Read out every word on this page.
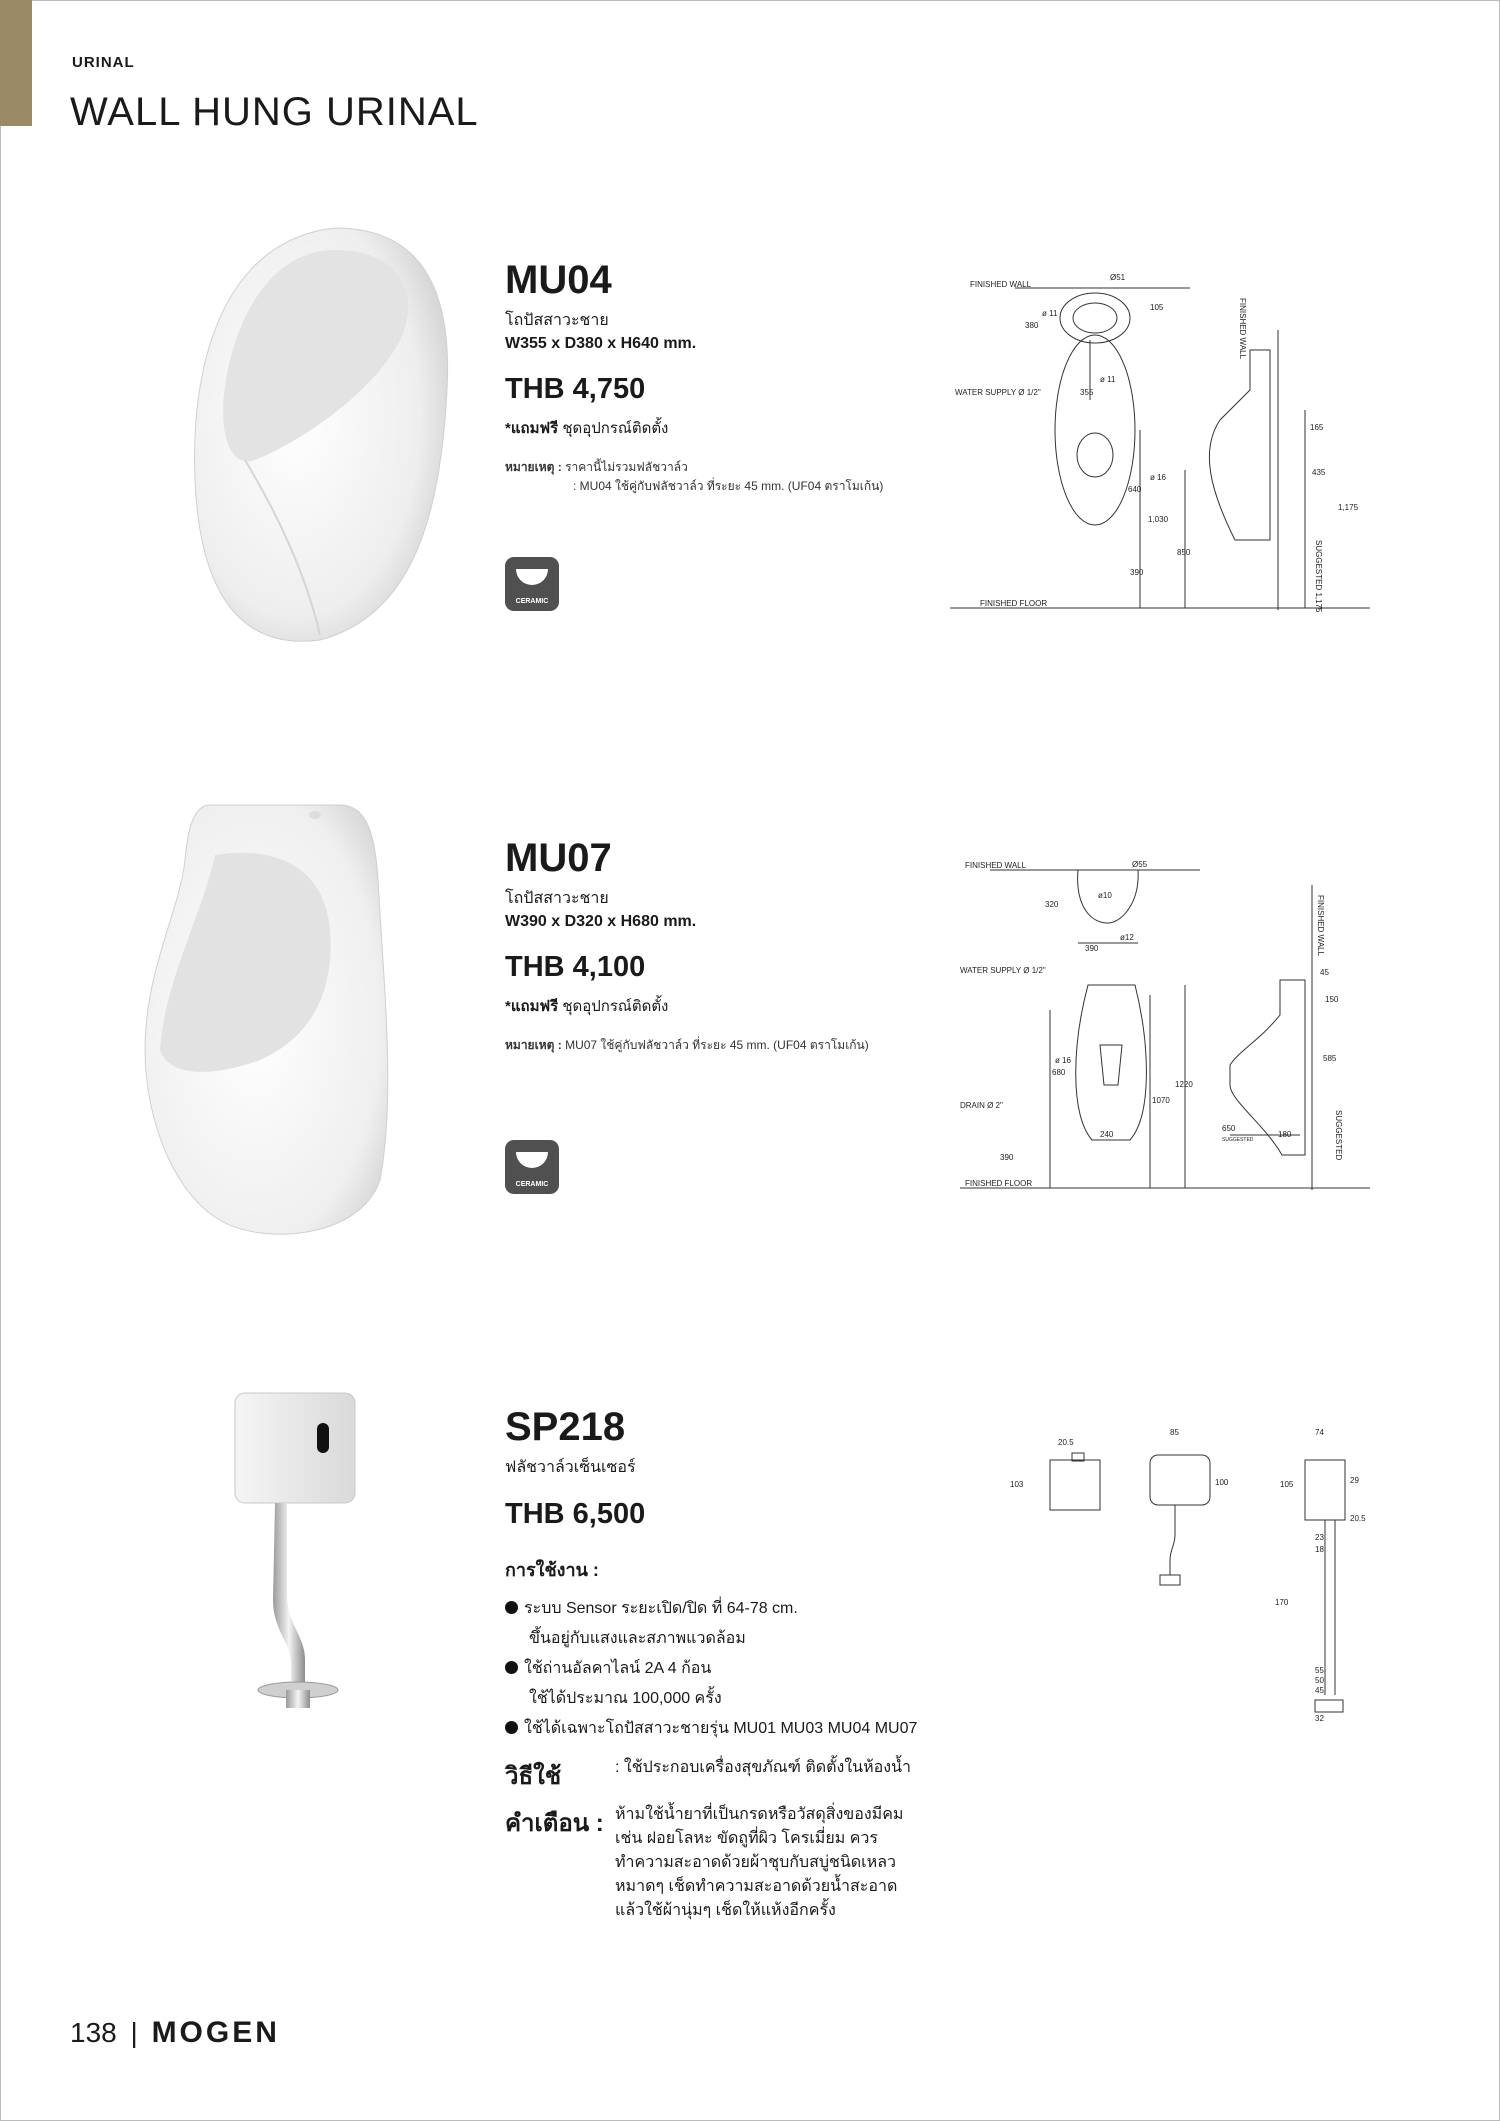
URINAL
WALL HUNG URINAL
MU04
โถปัสสาวะชาย
W355 x D380 x H640 mm.
THB 4,750
*แถมฟรี ชุดอุปกรณ์ติดตั้ง
หมายเหตุ : ราคานี้ไม่รวมฟลัชวาล์ว
: MU04 ใช้คู่กับฟลัชวาล์ว ที่ระยะ 45 mm. (UF04 ตราโมเก้น)
CERAMIC
FINISHED WALL
Ø51
ø 11
105
380
WATER SUPPLY Ø 1/2"
ø 11
355
FINISHED WALL
165
ø 16
640
435
1,175
1,030
850
390
FINISHED FLOOR	SUGGESTED 1,175
MU07
โถปัสสาวะชาย
W390 x D320 x H680 mm.
THB 4,100
*แถมฟรี ชุดอุปกรณ์ติดตั้ง
หมายเหตุ : MU07 ใช้คู่กับฟลัชวาล์ว ที่ระยะ 45 mm. (UF04 ตราโมเก้น)
CERAMIC
FINISHED WALL	Ø55
ø10
320
390
ø12
WATER SUPPLY Ø 1/2"
FINISHED WALL
45
150
ø 16
680
1220
1070
585
DRAIN Ø 2"
240
650
SUGGESTED
180
390
FINISHED FLOOR
SUGGESTED
SP218
ฟลัชวาล์วเซ็นเซอร์
THB 6,500
การใช้งาน :
ระบบ Sensor ระยะเปิด/ปิด ที่ 64-78 cm.
ขึ้นอยู่กับแสงและสภาพแวดล้อม
ใช้ถ่านอัลคาไลน์ 2A 4 ก้อน
ใช้ได้ประมาณ 100,000 ครั้ง
ใช้ได้เฉพาะโถปัสสาวะชายรุ่น MU01 MU03 MU04 MU07
วิธีใช้	: ใช้ประกอบเครื่องสุขภัณฑ์ ติดตั้งในห้องน้ำ
คำเตือน : ห้ามใช้น้ำยาที่เป็นกรดหรือวัสดุสิ่งของมีคม เช่น ฝอยโลหะ ขัดถูที่ผิว โครเมี่ยม ควรทำความสะอาดด้วยผ้าชุบกับสบู่ชนิดเหลวหมาดๆ เช็ดทำความสะอาดด้วยน้ำสะอาด แล้วใช้ผ้านุ่มๆ เช็ดให้แห้งอีกครั้ง
20.5
103
85
100
74
105	29
20.5
23
18
170
55
50
45
32
138 | MOGEN
